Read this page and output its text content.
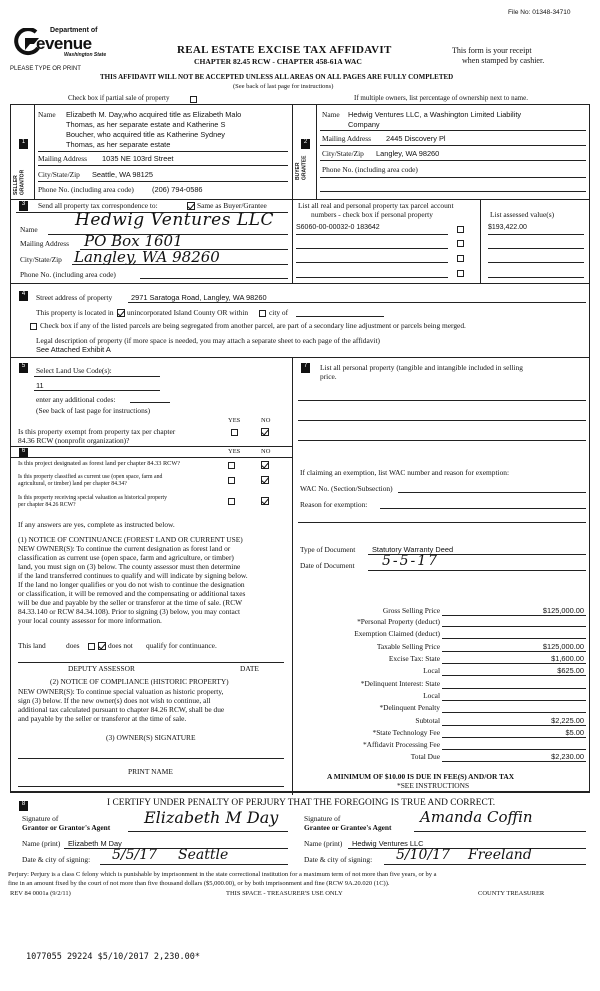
File No: 01348-34710
Department of
evenue
Washington State
PLEASE TYPE OR PRINT
REAL ESTATE EXCISE TAX AFFIDAVIT
CHAPTER 82.45 RCW - CHAPTER 458-61A WAC
This form is your receipt
when stamped by cashier.
THIS AFFIDAVIT WILL NOT BE ACCEPTED UNLESS ALL AREAS ON ALL PAGES ARE FULLY COMPLETED
(See back of last page for instructions)
Check box if partial sale of property	If multiple owners, list percentage of ownership next to name.
1
SELLER GRANTOR
Name Elizabeth M. Day,who acquired title as Elizabeth Malo
Thomas, as her separate estate and Katherine S
Boucher, who acquired title as Katherine Sydney
Thomas, as her separate estate
Mailing Address 1035 NE 103rd Street
City/State/Zip Seattle, WA 98125
Phone No. (including area code) (206) 794-0586
2
BUYER GRANTEE
Name Hedwig Ventures LLC, a Washington Limited Liability
Company
Mailing Address 2445 Discovery Pl
City/State/Zip Langley, WA 98260
Phone No. (including area code)
3	Send all property tax correspondence to:	Same as Buyer/Grantee
Name Hedwig Ventures LLC
Mailing Address PO Box 1601
City/State/Zip Langley, WA 98260
Phone No. (including area code)
List all real and personal property tax parcel account
numbers - check box if personal property	List assessed value(s)
S6060-00-00032-0 183642	$193,422.00
4	Street address of property	2971 Saratoga Road, Langley, WA 98260
This property is located in unincorporated Island County OR within	city of
Check box if any of the listed parcels are being segregated from another parcel, are part of a secondary line adjustment or parcels being merged.
Legal description of property (if more space is needed, you may attach a separate sheet to each page of the affidavit)
See Attached Exhibit A
5	Select Land Use Code(s):
11
enter any additional codes:
(See back of last page for instructions)
YES	NO
Is this property exempt from property tax per chapter
84.36 RCW (nonprofit organization)?
6	YES	NO
Is this project designated as forest land per chapter 84.33 RCW?
Is this property classified as current use (open space, farm and
agricultural, or timber) land per chapter 84.34?
Is this property receiving special valuation as historical property
per chapter 84.26 RCW?
If any answers are yes, complete as instructed below.
(1) NOTICE OF CONTINUANCE (FOREST LAND OR CURRENT USE)
NEW OWNER(S): To continue the current designation as forest land or
classification as current use (open space, farm and agriculture, or timber)
land, you must sign on (3) below. The county assessor must then determine
if the land transferred continues to qualify and will indicate by signing below.
If the land no longer qualifies or you do not wish to continue the designation
or classification, it will be removed and the compensating or additional taxes
will be due and payable by the seller or transferor at the time of sale. (RCW
84.33.140 or RCW 84.34.108). Prior to signing (3) below, you may contact
your local county assessor for more information.
This land	does	does not qualify for continuance.
DEPUTY ASSESSOR	DATE
(2) NOTICE OF COMPLIANCE (HISTORIC PROPERTY)
NEW OWNER(S): To continue special valuation as historic property,
sign (3) below. If the new owner(s) does not wish to continue, all
additional tax calculated pursuant to chapter 84.26 RCW, shall be due
and payable by the seller or transferor at the time of sale.
(3) OWNER(S) SIGNATURE
PRINT NAME
7	List all personal property (tangible and intangible included in selling
price.
If claiming an exemption, list WAC number and reason for exemption:
WAC No. (Section/Subsection)
Reason for exemption:
Type of Document Statutory Warranty Deed
Date of Document 5-5-17
Gross Selling Price	$125,000.00
*Personal Property (deduct)
Exemption Claimed (deduct)
Taxable Selling Price	$125,000.00
Excise Tax: State	$1,600.00
Local	$625.00
*Delinquent Interest: State
Local
*Delinquent Penalty
Subtotal	$2,225.00
*State Technology Fee	$5.00
*Affidavit Processing Fee
Total Due	$2,230.00
A MINIMUM OF $10.00 IS DUE IN FEE(S) AND/OR TAX
*SEE INSTRUCTIONS
8	I CERTIFY UNDER PENALTY OF PERJURY THAT THE FOREGOING IS TRUE AND CORRECT.
Signature of
Grantor or Grantor's Agent
Elizabeth M Day
Name (print) Elizabeth M Day
Date & city of signing: 5/5/17 Seattle
Signature of
Grantee or Grantee's Agent
Amanda Coffin
Name (print) Hedwig Ventures LLC
Date & city of signing: 5/10/17 Freeland
Perjury: Perjury is a class C felony which is punishable by imprisonment in the state correctional institution for a maximum term of not more than five years, or by a
fine in an amount fixed by the court of not more than five thousand dollars ($5,000.00), or by both imprisonment and fine (RCW 9A.20.020 (1C)).
REV 84 0001a (9/2/11)	THIS SPACE - TREASURER'S USE ONLY	COUNTY TREASURER
1077055 29224 $5/10/2017 2,230.00*
